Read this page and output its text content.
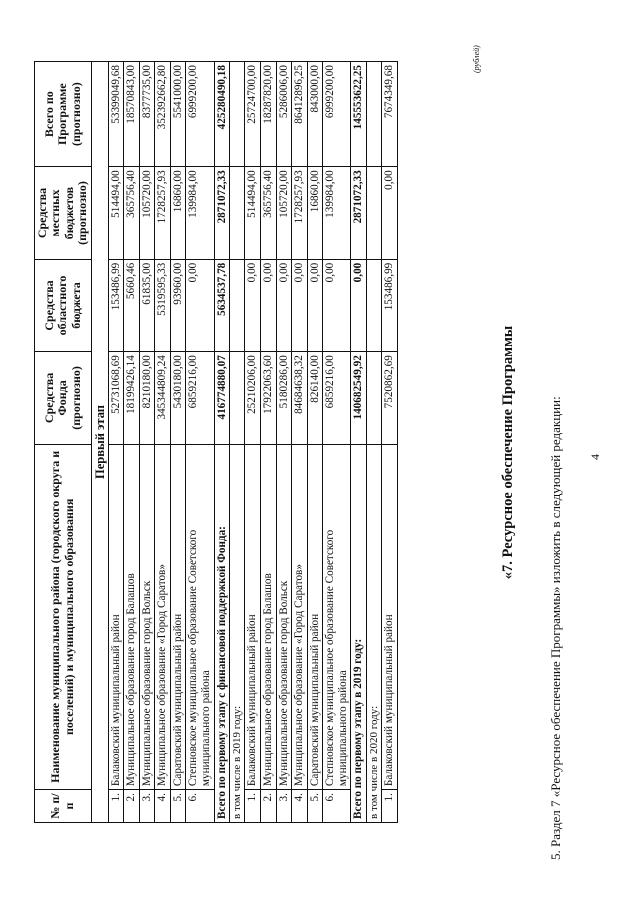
4
5. Раздел 7 «Ресурсное обеспечение Программы» изложить в следующей редакции:
«7. Ресурсное обеспечение Программы
(рублей)
№ п/п	Наименование муниципального района (городского округа и поселений) и муниципального образования	Средства Фонда (прогнозно)	Средства областного бюджета	Средства местных бюджетов (прогнозно)	Всего по Программе (прогнозно)
Первый этап					
1.	Балаковский муниципальный район	52731068,69	153486,99	514494,00	53399049,68
2.	Муниципальное образование город Балашов	18199426,14	5660,46	365756,40	18570843,00
3.	Муниципальное образование город Вольск	8210180,00	61835,00	105720,00	8377735,00
4.	Муниципальное образование «Город Саратов»	345344809,24	5319595,33	1728257,93	352392662,80
5.	Саратовский муниципальный район	5430180,00	93960,00	16860,00	5541000,00
6.	Степновское муниципальное образование Советского муниципального района	6859216,00	0,00	139984,00	6999200,00
Всего по первому этапу с финансовой поддержкой Фонда:		416774880,07	5634537,78	2871072,33	425280490,18
в том числе в 2019 году:					
1.	Балаковский муниципальный район	25210206,00	0,00	514494,00	25724700,00
2.	Муниципальное образование город Балашов	17922063,60	0,00	365756,40	18287820,00
3.	Муниципальное образование город Вольск	5180286,00	0,00	105720,00	5286006,00
4.	Муниципальное образование «Город Саратов»	84684638,32	0,00	1728257,93	86412896,25
5.	Саратовский муниципальный район	826140,00	0,00	16860,00	843000,00
6.	Степновское муниципальное образование Советского муниципального района	6859216,00	0,00	139984,00	6999200,00
Всего по первому этапу в 2019 году:		140682549,92	0,00	2871072,33	145553622,25
в том числе в 2020 году:					
1.	Балаковский муниципальный район	7520862,69	153486,99	0,00	7674349,68
